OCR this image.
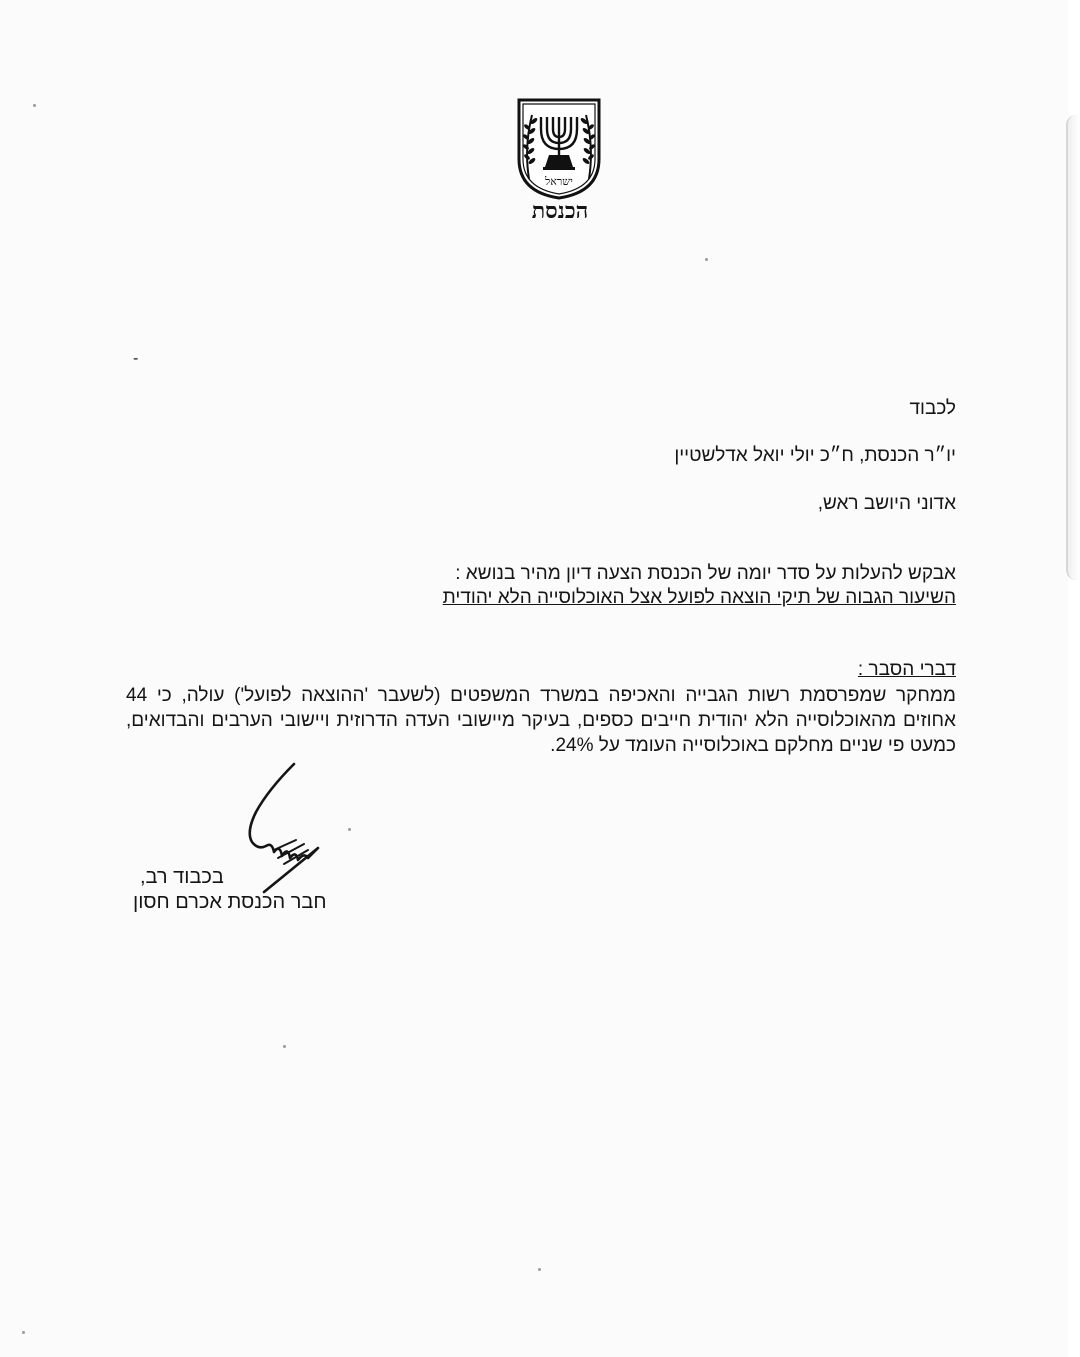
ישראל
הכנסת
-
לכבוד
יו״ר הכנסת, ח״כ יולי יואל אדלשטיין
אדוני היושב ראש,
אבקש להעלות על סדר יומה של הכנסת הצעה דיון מהיר בנושא :
השיעור הגבוה של תיקי הוצאה לפועל אצל האוכלוסייה הלא יהודית
דברי הסבר :
ממחקר שמפרסמת רשות הגבייה והאכיפה במשרד המשפטים (לשעבר 'ההוצאה לפועל') עולה, כי 44 אחוזים מהאוכלוסייה הלא יהודית חייבים כספים, בעיקר מיישובי העדה הדרוזית ויישובי הערבים והבדואים, כמעט פי שניים מחלקם באוכלוסייה העומד על 24%.
בכבוד רב,
חבר הכנסת אכרם חסון
